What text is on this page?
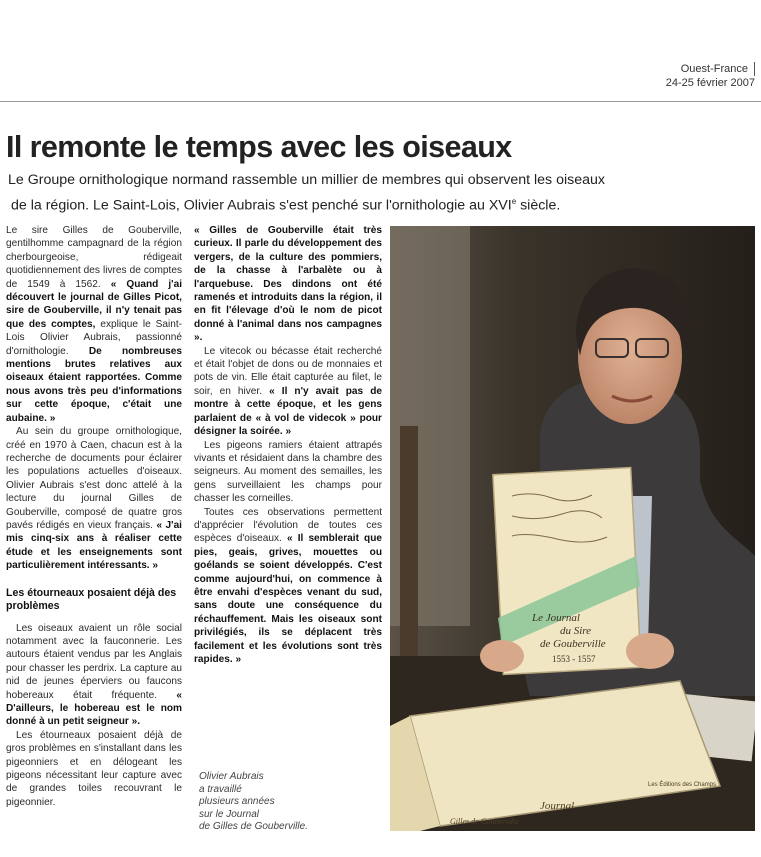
Ouest-France
24-25 février 2007
Il remonte le temps avec les oiseaux

Le Groupe ornithologique normand rassemble un millier de membres qui observent les oiseaux
de la région. Le Saint-Lois, Olivier Aubrais s'est penché sur l'ornithologie au XVIe siècle.

Le sire Gilles de Gouberville, gentilhomme campagnard de la région cherbourgeoise, rédigeait quotidiennement des livres de comptes de 1549 à 1562. « Quand j'ai découvert le journal de Gilles Picot, sire de Gouberville, il n'y tenait pas que des comptes, explique le Saint-Lois Olivier Aubrais, passionné d'ornithologie. De nombreuses mentions brutes relatives aux oiseaux étaient rapportées. Comme nous avons très peu d'informations sur cette époque, c'était une aubaine. »

Au sein du groupe ornithologique, créé en 1970 à Caen, chacun est à la recherche de documents pour éclairer les populations actuelles d'oiseaux. Olivier Aubrais s'est donc attelé à la lecture du journal Gilles de Gouberville, composé de quatre gros pavés rédigés en vieux français. « J'ai mis cinq-six ans à réaliser cette étude et les enseignements sont particulièrement intéressants. »

Les étourneaux posaient déjà des problèmes

Les oiseaux avaient un rôle social notamment avec la fauconnerie. Les autours étaient vendus par les Anglais pour chasser les perdrix. La capture au nid de jeunes éperviers ou faucons hobereaux était fréquente. « D'ailleurs, le hobereau est le nom donné à un petit seigneur ».

Les étourneaux posaient déjà de gros problèmes en s'installant dans les pigeonniers et en délogeant les pigeons nécessitant leur capture avec de grandes toiles recouvrant le pigeonnier.

« Gilles de Gouberville était très curieux. Il parle du développement des vergers, de la culture des pommiers, de la chasse à l'arbalète ou à l'arquebuse. Des dindons ont été ramenés et introduits dans la région, il en fit l'élevage d'où le nom de picot donné à l'animal dans nos campagnes ».

Le vitecok ou bécasse était recherché et était l'objet de dons ou de monnaies et pots de vin. Elle était capturée au filet, le soir, en hiver. « Il n'y avait pas de montre à cette époque, et les gens parlaient de « à vol de videcok » pour désigner la soirée. »

Les pigeons ramiers étaient attrapés vivants et résidaient dans la chambre des seigneurs. Au moment des semailles, les gens surveillaient les champs pour chasser les corneilles.

Toutes ces observations permettent d'apprécier l'évolution de toutes ces espèces d'oiseaux. « Il semblerait que pies, geais, grives, mouettes ou goélands se soient développés. C'est comme aujourd'hui, on commence à être envahi d'espèces venant du sud, sans doute une conséquence du réchauffement. Mais les oiseaux sont privilégiés, ils se déplacent très facilement et les évolutions sont très rapides. »

Olivier Aubrais
a travaillé
plusieurs années
sur le Journal
de Gilles de Gouberville.
Le Journal
du Sire
de Gouberville
1553 - 1557
Journal
Gilles de Gouberville
Les Éditions des Champs
